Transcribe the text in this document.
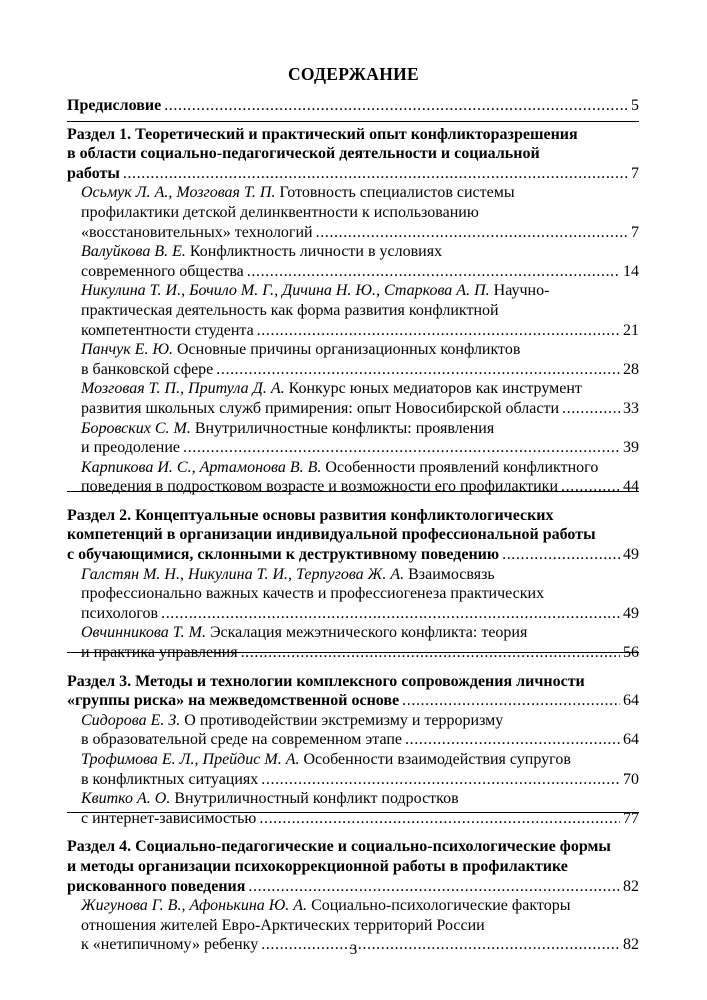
СОДЕРЖАНИЕ
Предисловие .....	5
Раздел 1. Теоретический и практический опыт конфликторазрешения
в области социально-педагогической деятельности и социальной
работы .....	7
Осьмук Л. А., Мозговая Т. П. Готовность специалистов системы
профилактики детской делинквентности к использованию
«восстановительных» технологий .....	7
Валуйкова В. Е. Конфликтность личности в условиях
современного общества .....	14
Никулина Т. И., Бочило М. Г., Дичина Н. Ю., Старкова А. П. Научно-
практическая деятельность как форма развития конфликтной
компетентности студента .....	21
Панчук Е. Ю. Основные причины организационных конфликтов
в банковской сфере .....	28
Мозговая Т. П., Притула Д. А. Конкурс юных медиаторов как инструмент
развития школьных служб примирения: опыт Новосибирской области .....	33
Боровских С. М. Внутриличностные конфликты: проявления
и преодоление .....	39
Карпикова И. С., Артамонова В. В. Особенности проявлений конфликтного
поведения в подростковом возрасте и возможности его профилактики .....	44
Раздел 2. Концептуальные основы развития конфликтологических
компетенций в организации индивидуальной профессиональной работы
с обучающимися, склонными к деструктивному поведению .....	49
Галстян М. Н., Никулина Т. И., Терпугова Ж. А. Взаимосвязь
профессионально важных качеств и профессиогенеза практических
психологов .....	49
Овчинникова Т. М. Эскалация межэтнического конфликта: теория
и практика управления .....	56
Раздел 3. Методы и технологии комплексного сопровождения личности
«группы риска» на межведомственной основе .....	64
Сидорова Е. З. О противодействии экстремизму и терроризму
в образовательной среде на современном этапе .....	64
Трофимова Е. Л., Прейдис М. А. Особенности взаимодействия супругов
в конфликтных ситуациях .....	70
Квитко А. О. Внутриличностный конфликт подростков
с интернет-зависимостью .....	77
Раздел 4. Социально-педагогические и социально-психологические формы
и методы организации психокоррекционной работы в профилактике
рискованного поведения .....	82
Жигунова Г. В., Афонькина Ю. А. Социально-психологические факторы
отношения жителей Евро-Арктических территорий России
к «нетипичному» ребенку .....	82
3
